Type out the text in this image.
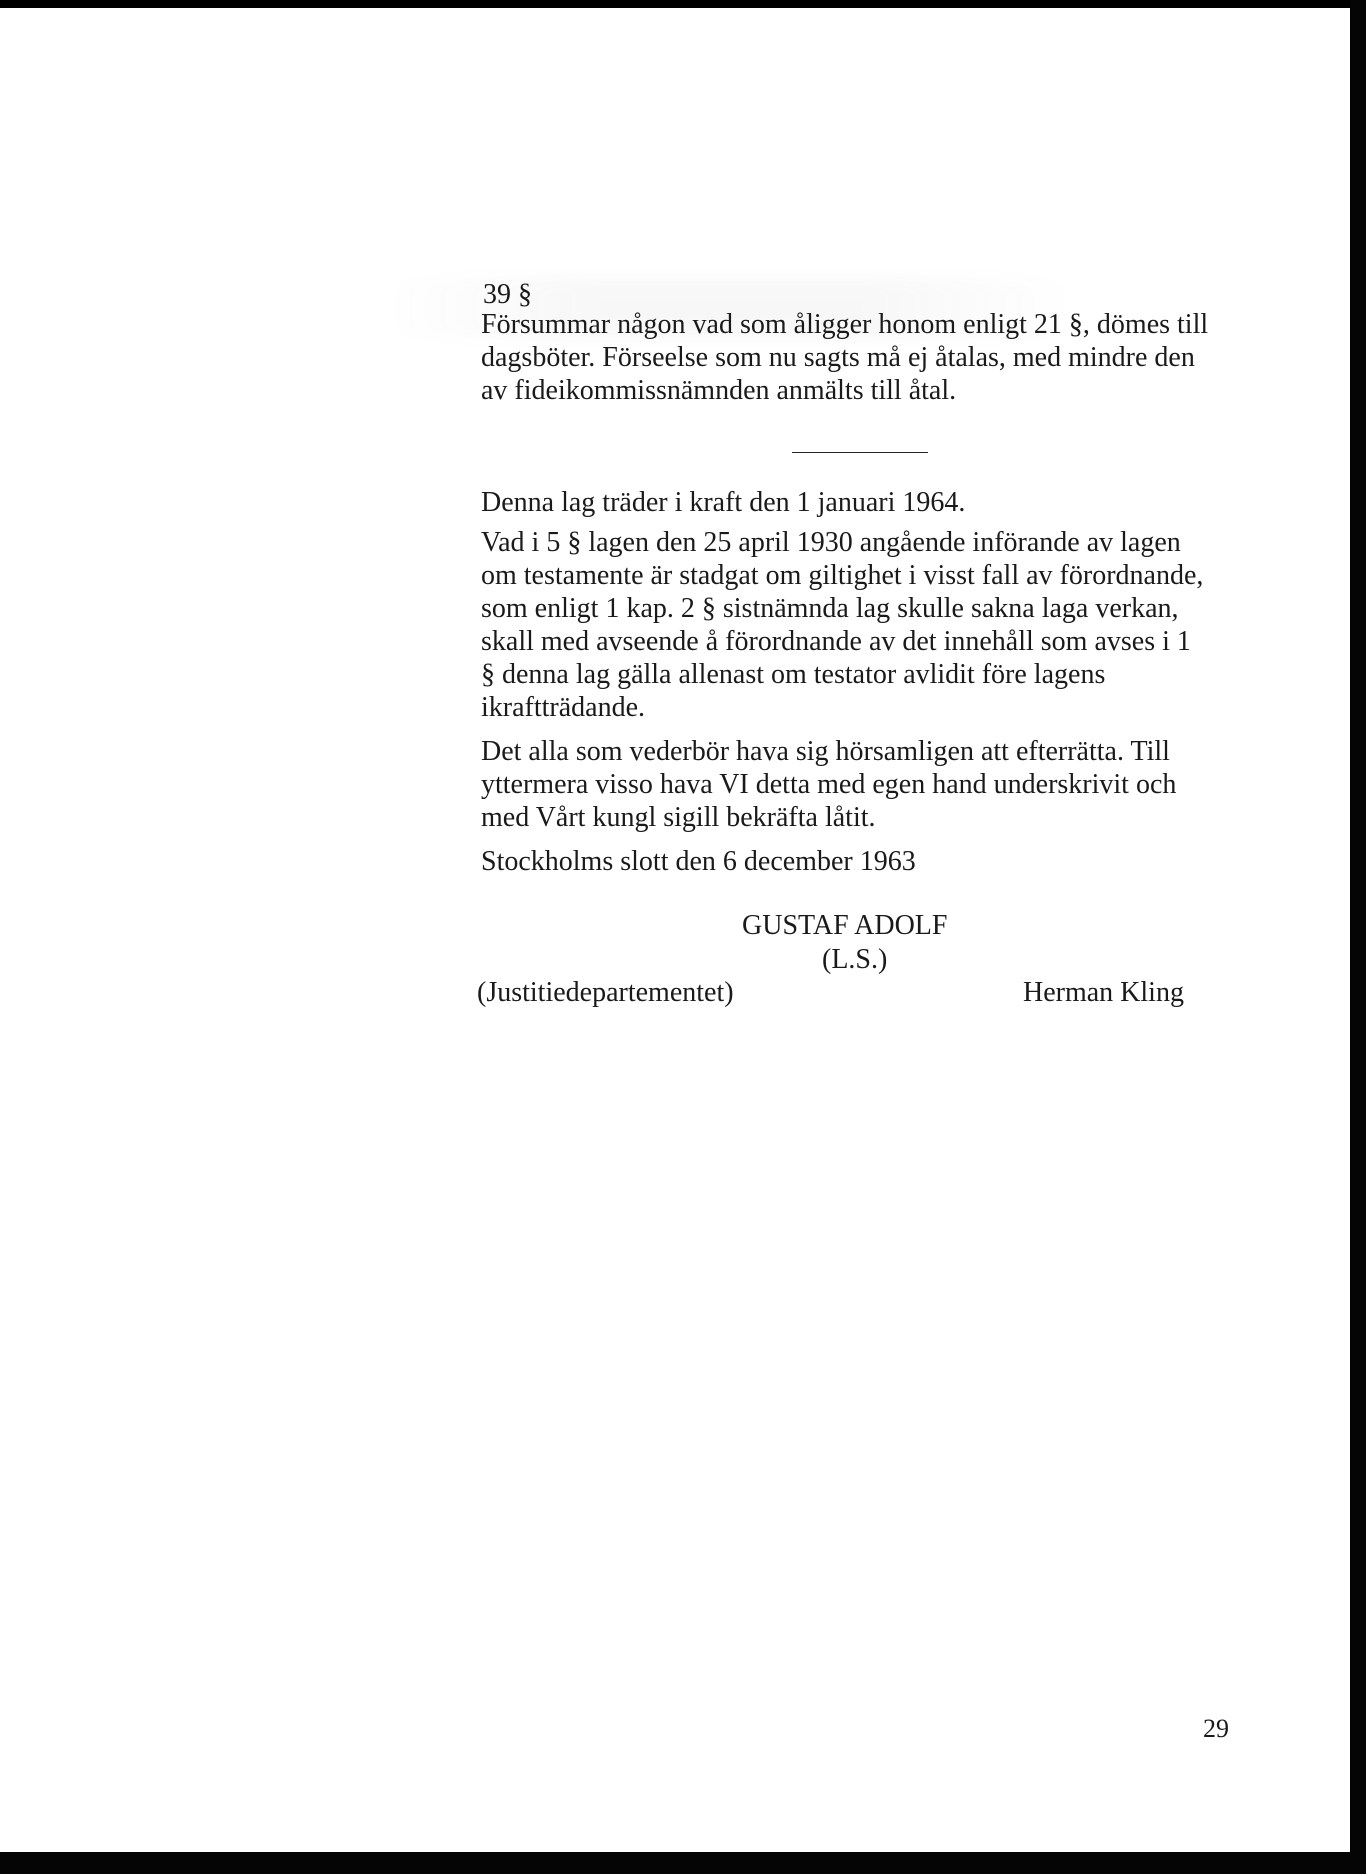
39 §
Försummar någon vad som åligger honom enligt 21 §, dömes till dagsböter. Förseelse som nu sagts må ej åtalas, med mindre den av fideikommissnämnden anmälts till åtal.
Denna lag träder i kraft den 1 januari 1964.
Vad i 5 § lagen den 25 april 1930 angående införande av lagen om testamente är stadgat om giltighet i visst fall av förordnande, som enligt 1 kap. 2 § sistnämnda lag skulle sakna laga verkan, skall med avseende å förordnande av det innehåll som avses i 1 § denna lag gälla allenast om testator avlidit före lagens ikraftträdande.
Det alla som vederbör hava sig hörsamligen att efterrätta. Till yttermera visso hava VI detta med egen hand underskrivit och med Vårt kungl sigill bekräfta låtit.
Stockholms slott den 6 december 1963
GUSTAF ADOLF
(L.S.)
(Justitiedepartementet)	Herman Kling
29
